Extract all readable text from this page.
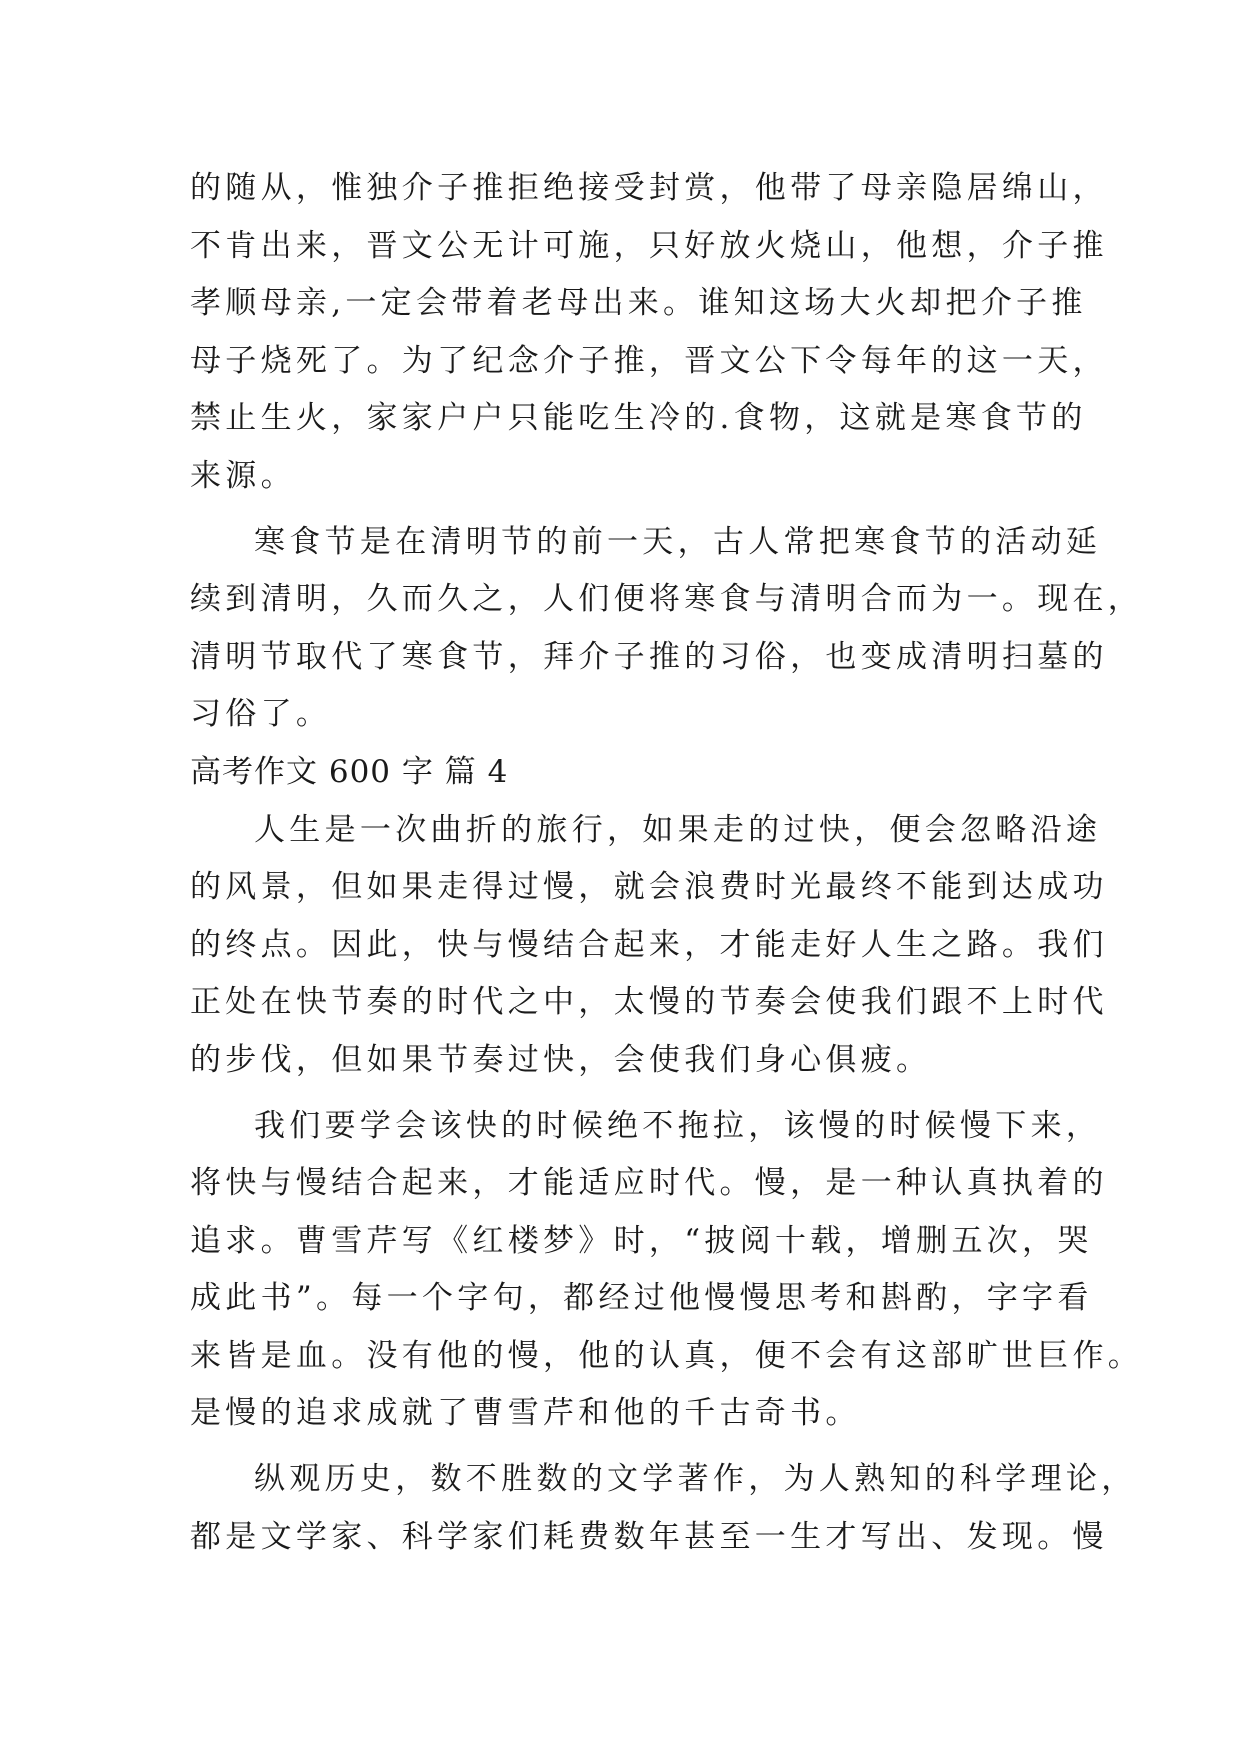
的随从，惟独介子推拒绝接受封赏，他带了母亲隐居绵山，
不肯出来，晋文公无计可施，只好放火烧山，他想，介子推
孝顺母亲,一定会带着老母出来。谁知这场大火却把介子推
母子烧死了。为了纪念介子推，晋文公下令每年的这一天，
禁止生火，家家户户只能吃生冷的.食物，这就是寒食节的
来源。
寒食节是在清明节的前一天，古人常把寒食节的活动延
续到清明，久而久之，人们便将寒食与清明合而为一。现在，
清明节取代了寒食节，拜介子推的习俗，也变成清明扫墓的
习俗了。
高考作文 600 字 篇 4
人生是一次曲折的旅行，如果走的过快，便会忽略沿途
的风景，但如果走得过慢，就会浪费时光最终不能到达成功
的终点。因此，快与慢结合起来，才能走好人生之路。我们
正处在快节奏的时代之中，太慢的节奏会使我们跟不上时代
的步伐，但如果节奏过快，会使我们身心俱疲。
我们要学会该快的时候绝不拖拉，该慢的时候慢下来，
将快与慢结合起来，才能适应时代。慢，是一种认真执着的
追求。曹雪芹写《红楼梦》时，“披阅十载，增删五次，哭
成此书”。每一个字句，都经过他慢慢思考和斟酌，字字看
来皆是血。没有他的慢，他的认真，便不会有这部旷世巨作。
是慢的追求成就了曹雪芹和他的千古奇书。
纵观历史，数不胜数的文学著作，为人熟知的科学理论，
都是文学家、科学家们耗费数年甚至一生才写出、发现。慢
